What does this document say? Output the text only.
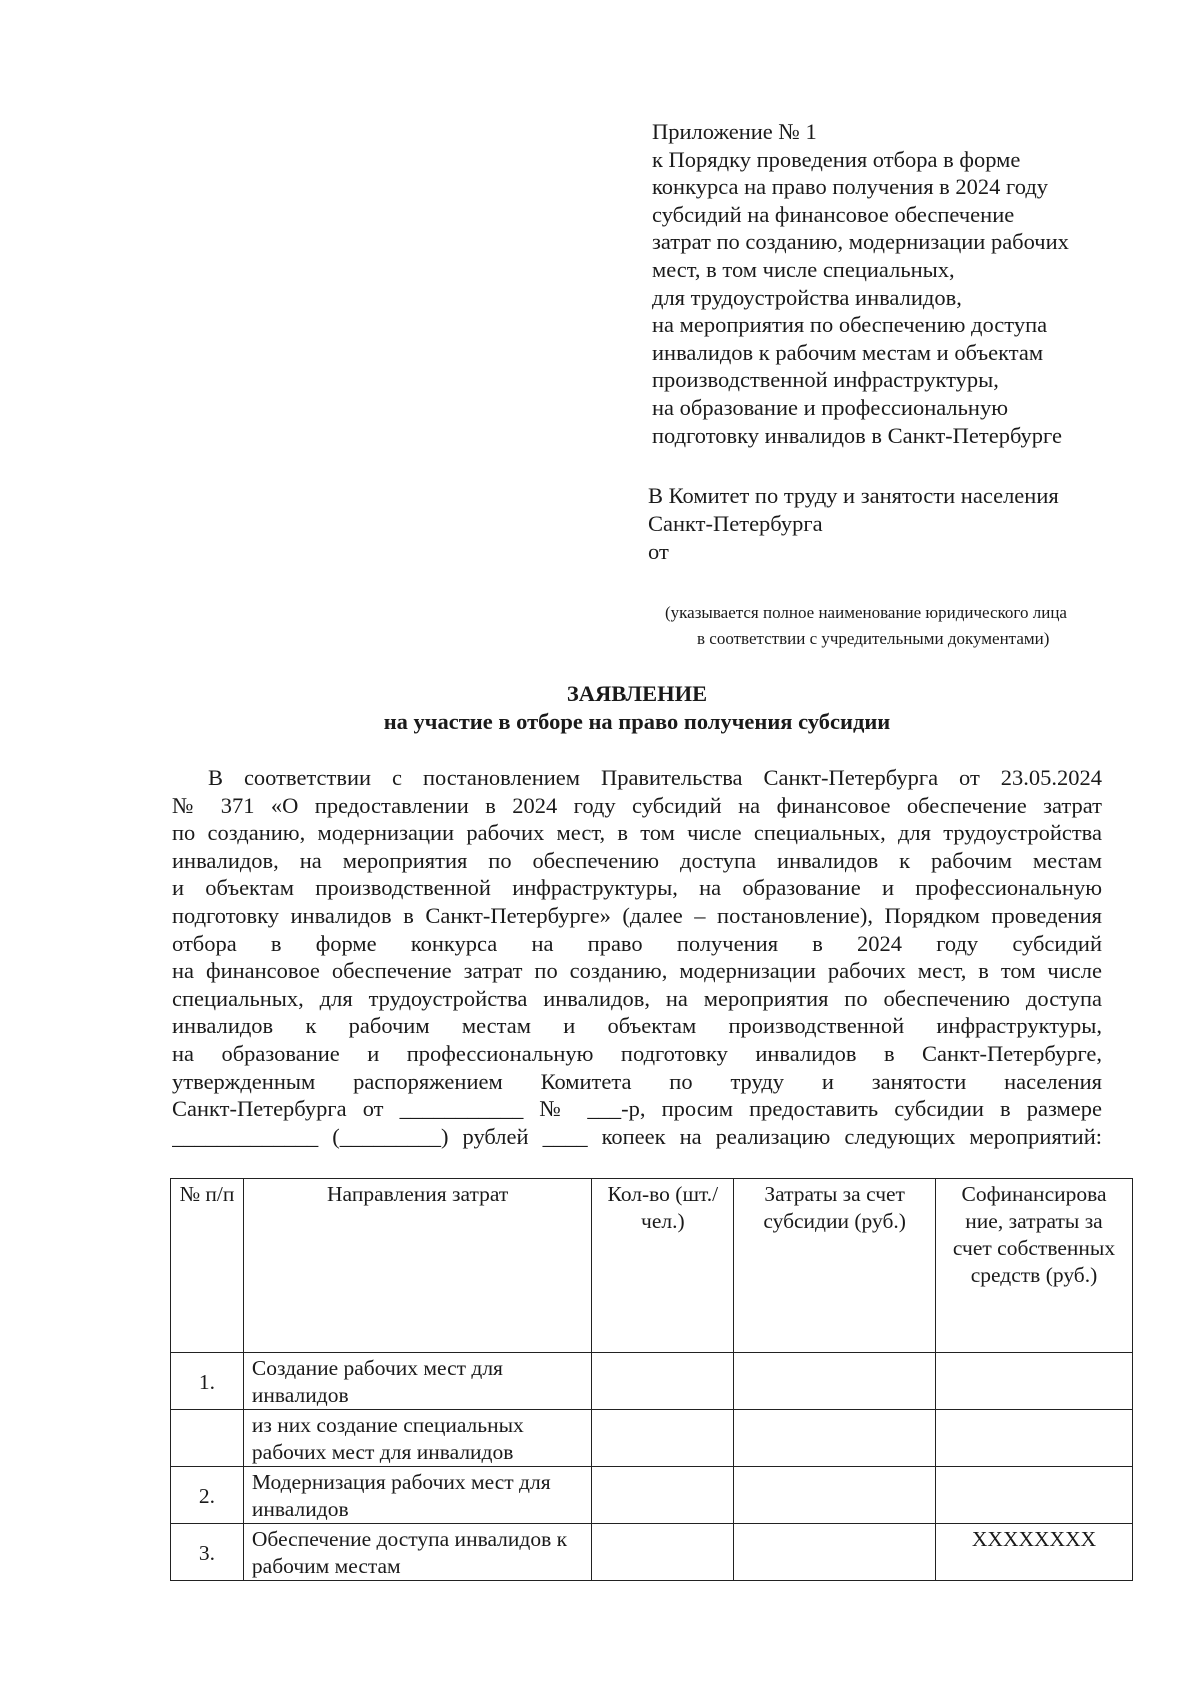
Приложение № 1
к Порядку проведения отбора в форме
конкурса на право получения в 2024 году
субсидий на финансовое обеспечение
затрат по созданию, модернизации рабочих
мест, в том числе специальных,
для трудоустройства инвалидов,
на мероприятия по обеспечению доступа
инвалидов к рабочим местам и объектам
производственной инфраструктуры,
на образование и профессиональную
подготовку инвалидов в Санкт-Петербурге
В Комитет по труду и занятости населения
Санкт-Петербурга
от
(указывается полное наименование юридического лица
в соответствии с учредительными документами)
ЗАЯВЛЕНИЕ
на участие в отборе на право получения субсидии
В соответствии с постановлением Правительства Санкт-Петербурга от 23.05.2024
№ 371 «О предоставлении в 2024 году субсидий на финансовое обеспечение затрат
по созданию, модернизации рабочих мест, в том числе специальных, для трудоустройства
инвалидов, на мероприятия по обеспечению доступа инвалидов к рабочим местам
и объектам производственной инфраструктуры, на образование и профессиональную
подготовку инвалидов в Санкт-Петербурге» (далее – постановление), Порядком проведения
отбора в форме конкурса на право получения в 2024 году субсидий
на финансовое обеспечение затрат по созданию, модернизации рабочих мест, в том числе
специальных, для трудоустройства инвалидов, на мероприятия по обеспечению доступа
инвалидов к рабочим местам и объектам производственной инфраструктуры,
на образование и профессиональную подготовку инвалидов в Санкт-Петербурге,
утвержденным распоряжением Комитета по труду и занятости населения
Санкт-Петербурга от ___________ № ___-р, просим предоставить субсидии в размере
_____________ (_________) рублей ____ копеек на реализацию следующих мероприятий:
№ п/п	Направления затрат	Кол-во (шт./чел.)	Затраты за счет субсидии (руб.)	Софинансирова ние, затраты за счет собственных средств (руб.)
1.	Создание рабочих мест для инвалидов			
	из них создание специальных рабочих мест для инвалидов			
2.	Модернизация рабочих мест для инвалидов			
3.	Обеспечение доступа инвалидов к рабочим местам			XXXXXXXX
